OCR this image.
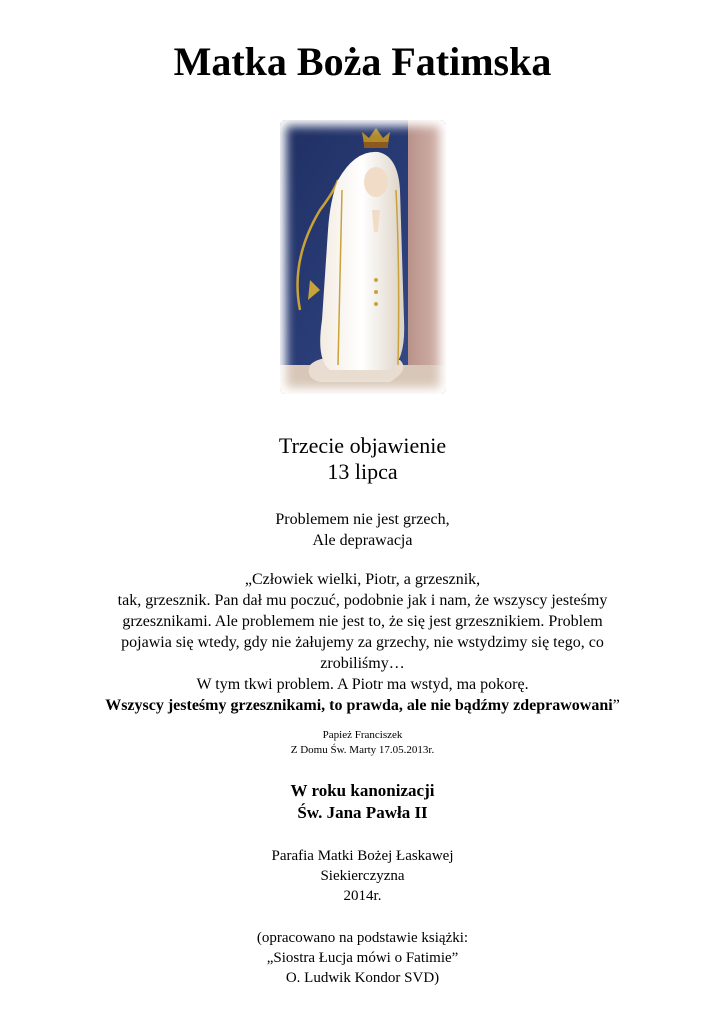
Matka Boża Fatimska
Trzecie objawienie
13 lipca
Problemem nie jest grzech,
Ale deprawacja
„Człowiek wielki, Piotr, a grzesznik,
tak, grzesznik. Pan dał mu poczuć, podobnie jak i nam, że wszyscy jesteśmy
grzesznikami. Ale problemem nie jest to, że się jest grzesznikiem. Problem
pojawia się wtedy, gdy nie żałujemy za grzechy, nie wstydzimy się tego, co
zrobiliśmy…
W tym tkwi problem. A Piotr ma wstyd, ma pokorę.
Wszyscy jesteśmy grzesznikami, to prawda, ale nie bądźmy zdeprawowani”
Papież Franciszek
Z Domu Św. Marty 17.05.2013r.
W roku kanonizacji
Św. Jana Pawła II
Parafia Matki Bożej Łaskawej
Siekierczyzna
2014r.
(opracowano na podstawie książki:
„Siostra Łucja mówi o Fatimie”
O. Ludwik Kondor SVD)
